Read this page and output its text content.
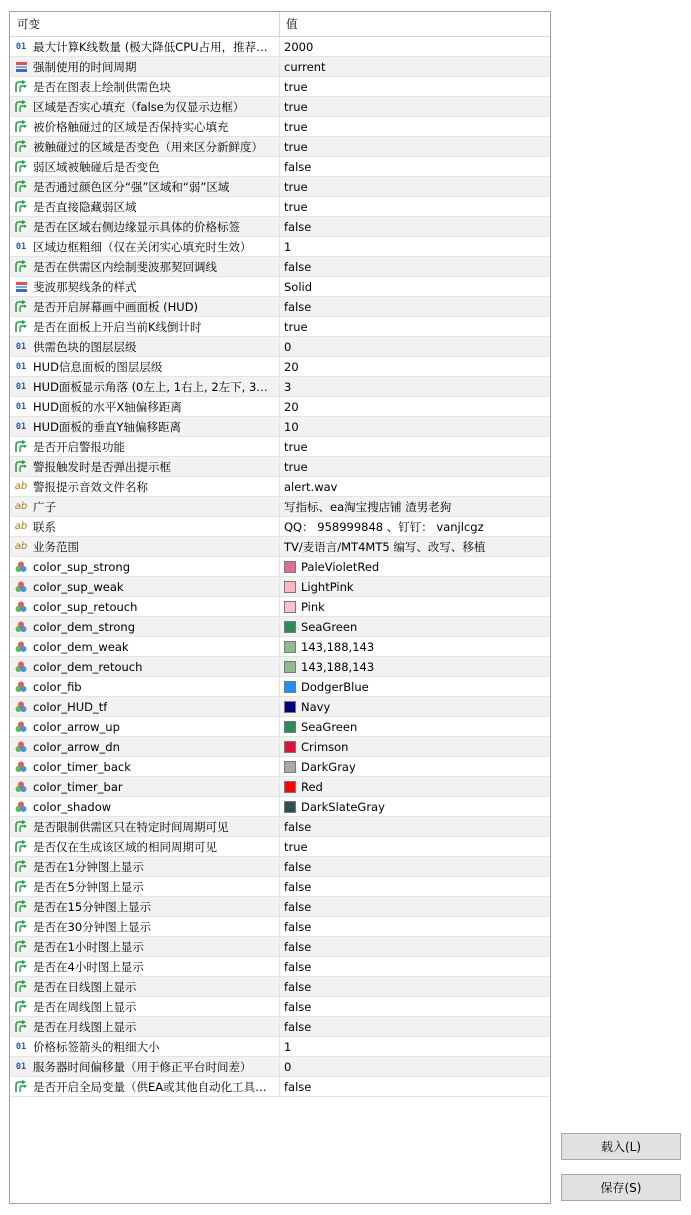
可变	值
01 最大计算K线数量 (极大降低CPU占用，推荐… 2000
强制使用的时间周期	current
是否在图表上绘制供需色块	true
区域是否实心填充（false为仅显示边框）	true
被价格触碰过的区域是否保持实心填充	true
被触碰过的区域是否变色（用来区分新鲜度） true
弱区域被触碰后是否变色	false
是否通过颜色区分“强”区域和“弱”区域	true
是否直接隐藏弱区域	true
是否在区域右侧边缘显示具体的价格标签	false
01 区域边框粗细（仅在关闭实心填充时生效）	1
是否在供需区内绘制斐波那契回调线	false
斐波那契线条的样式	Solid
是否开启屏幕画中画面板 (HUD)	false
是否在面板上开启当前K线倒计时	true
01 供需色块的图层层级	0
01 HUD信息面板的图层层级	20
01 HUD面板显示角落 (0左上, 1右上, 2左下, 3… 3
01 HUD面板的水平X轴偏移距离	20
01 HUD面板的垂直Y轴偏移距离	10
是否开启警报功能	true
警报触发时是否弹出提示框	true
ab 警报提示音效文件名称	alert.wav
ab 广子	写指标、ea淘宝搜店铺 渣男老狗
ab 联系	QQ： 958999848 、钉钉： vanjlcgz
ab 业务范围	TV/麦语言/MT4MT5 编写、改写、移植
color_sup_strong	PaleVioletRed
color_sup_weak	LightPink
color_sup_retouch	Pink
color_dem_strong	SeaGreen
color_dem_weak	143,188,143
color_dem_retouch	143,188,143
color_fib	DodgerBlue
color_HUD_tf	Navy
color_arrow_up	SeaGreen
color_arrow_dn	Crimson
color_timer_back	DarkGray
color_timer_bar	Red
color_shadow	DarkSlateGray
是否限制供需区只在特定时间周期可见	false
是否仅在生成该区域的相同周期可见	true
是否在1分钟图上显示	false
是否在5分钟图上显示	false
是否在15分钟图上显示	false
是否在30分钟图上显示	false
是否在1小时图上显示	false
是否在4小时图上显示	false
是否在日线图上显示	false
是否在周线图上显示	false
是否在月线图上显示	false
01 价格标签箭头的粗细大小	1
01 服务器时间偏移量（用于修正平台时间差）	0
是否开启全局变量（供EA或其他自动化工具… false
载入(L)
保存(S)
